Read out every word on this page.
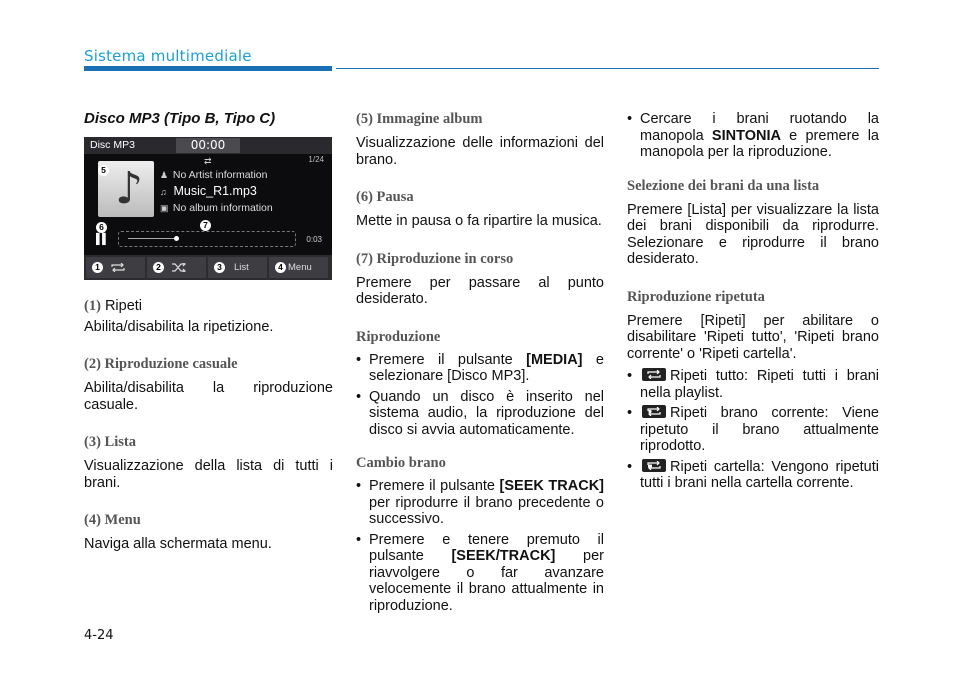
Sistema multimediale

Disco MP3 (Tipo B, Tipo C)

Disc MP3	00:00
⇄	1/24
♪
5	♟ No Artist information
♫ Music_R1.mp3
▣ No album information
6	7
▌▌	0:03
1	2	3	List	4 Menu

(1) Ripeti

Abilita/disabilita la ripetizione.

(2) Riproduzione casuale

Abilita/disabilita la riproduzione casuale.

(3) Lista

Visualizzazione della lista di tutti i brani.

(4) Menu

Naviga alla schermata menu.

(5) Immagine album

Visualizzazione delle informazioni del brano.

(6) Pausa

Mette in pausa o fa ripartire la musica.

(7) Riproduzione in corso

Premere per passare al punto desiderato.

Riproduzione

• Premere il pulsante [MEDIA] e selezionare [Disco MP3].
• Quando un disco è inserito nel sistema audio, la riproduzione del disco si avvia automaticamente.

Cambio brano

• Premere il pulsante [SEEK TRACK] per riprodurre il brano precedente o successivo.
• Premere e tenere premuto il pulsante [SEEK/TRACK] per riavvolgere o far avanzare velocemente il brano attualmente in riproduzione.
• Cercare i brani ruotando la manopola SINTONIA e premere la manopola per la riproduzione.

Selezione dei brani da una lista

Premere [Lista] per visualizzare la lista dei brani disponibili da riprodurre. Selezionare e riprodurre il brano desiderato.

Riproduzione ripetuta

Premere [Ripeti] per abilitare o disabilitare 'Ripeti tutto', 'Ripeti brano corrente' o 'Ripeti cartella'.

• Ripeti tutto: Ripeti tutti i brani nella playlist.
• Ripeti brano corrente: Viene ripetuto il brano attualmente riprodotto.
• Ripeti cartella: Vengono ripetuti tutti i brani nella cartella corrente.
4-24
